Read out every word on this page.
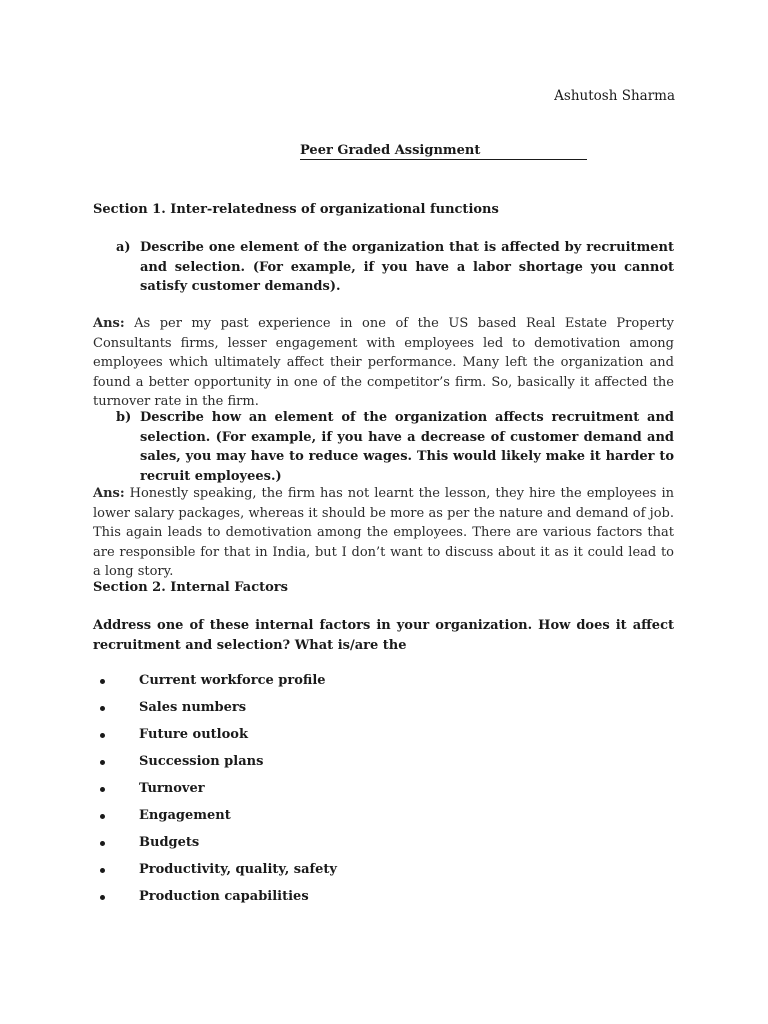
Ashutosh Sharma
Peer Graded Assignment
Section 1. Inter-relatedness of organizational functions
a) Describe one element of the organization that is affected by recruitment and selection. (For example, if you have a labor shortage you cannot satisfy customer demands).
Ans: As per my past experience in one of the US based Real Estate Property Consultants firms, lesser engagement with employees led to demotivation among employees which ultimately affect their performance. Many left the organization and found a better opportunity in one of the competitor’s firm. So, basically it affected the turnover rate in the firm.
b) Describe how an element of the organization affects recruitment and selection. (For example, if you have a decrease of customer demand and sales, you may have to reduce wages. This would likely make it harder to recruit employees.)
Ans: Honestly speaking, the firm has not learnt the lesson, they hire the employees in lower salary packages, whereas it should be more as per the nature and demand of job. This again leads to demotivation among the employees. There are various factors that are responsible for that in India, but I don’t want to discuss about it as it could lead to a long story.
Section 2. Internal Factors
Address one of these internal factors in your organization. How does it affect recruitment and selection? What is/are the
Current workforce profile
Sales numbers
Future outlook
Succession plans
Turnover
Engagement
Budgets
Productivity, quality, safety
Production capabilities
